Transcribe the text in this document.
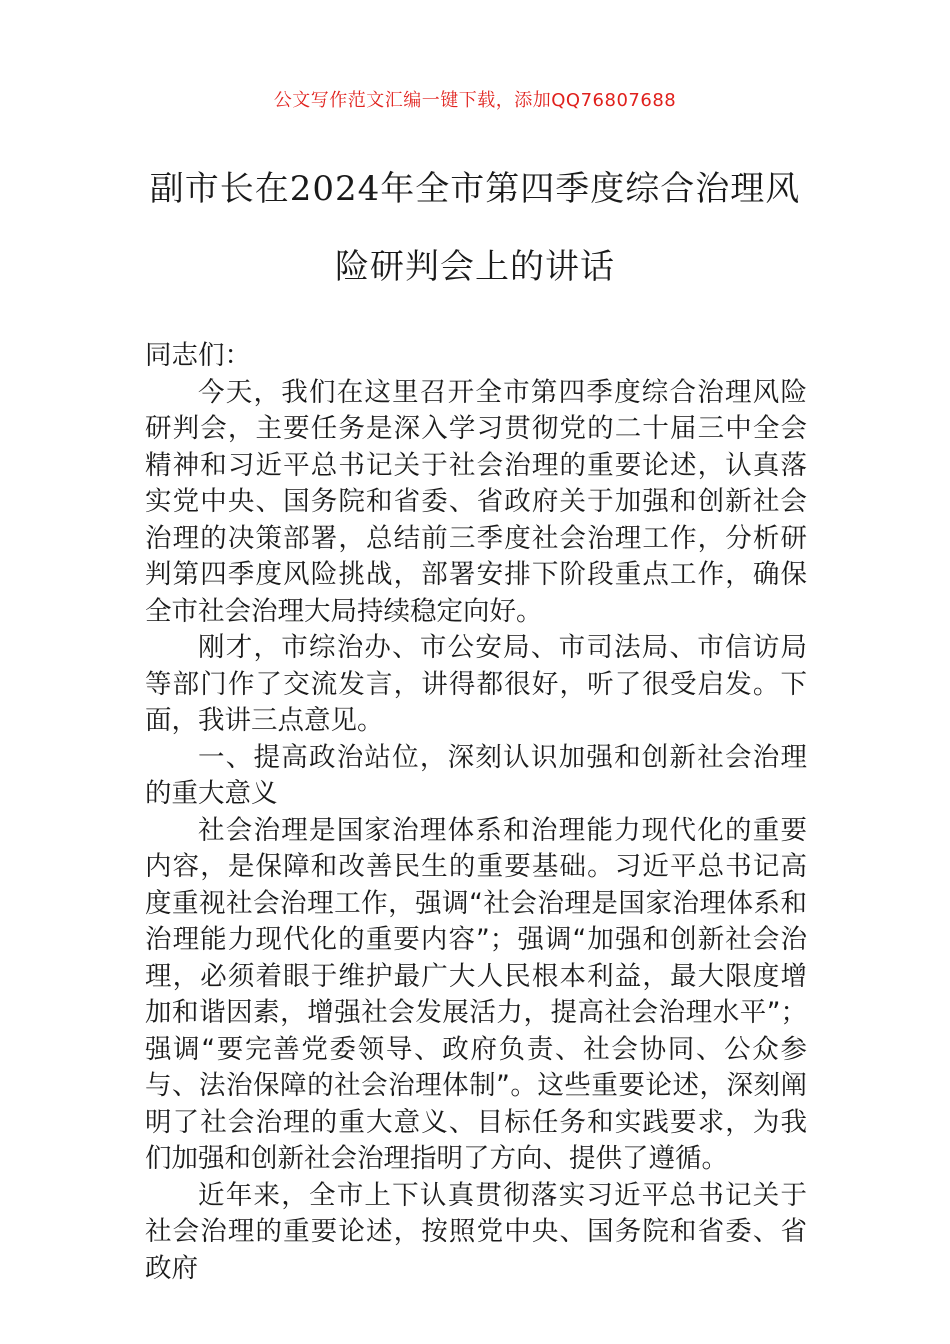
公文写作范文汇编一键下载，添加QQ76807688
副市长在2024年全市第四季度综合治理风
险研判会上的讲话

同志们：

今天，我们在这里召开全市第四季度综合治理风险研判会，主要任务是深入学习贯彻党的二十届三中全会精神和习近平总书记关于社会治理的重要论述，认真落实党中央、国务院和省委、省政府关于加强和创新社会治理的决策部署，总结前三季度社会治理工作，分析研判第四季度风险挑战，部署安排下阶段重点工作，确保全市社会治理大局持续稳定向好。

刚才，市综治办、市公安局、市司法局、市信访局等部门作了交流发言，讲得都很好，听了很受启发。下面，我讲三点意见。

一、提高政治站位，深刻认识加强和创新社会治理的重大意义

社会治理是国家治理体系和治理能力现代化的重要内容，是保障和改善民生的重要基础。习近平总书记高度重视社会治理工作，强调“社会治理是国家治理体系和治理能力现代化的重要内容”；强调“加强和创新社会治理，必须着眼于维护最广大人民根本利益，最大限度增加和谐因素，增强社会发展活力，提高社会治理水平”；强调“要完善党委领导、政府负责、社会协同、公众参与、法治保障的社会治理体制”。这些重要论述，深刻阐明了社会治理的重大意义、目标任务和实践要求，为我们加强和创新社会治理指明了方向、提供了遵循。

近年来，全市上下认真贯彻落实习近平总书记关于社会治理的重要论述，按照党中央、国务院和省委、省政府
